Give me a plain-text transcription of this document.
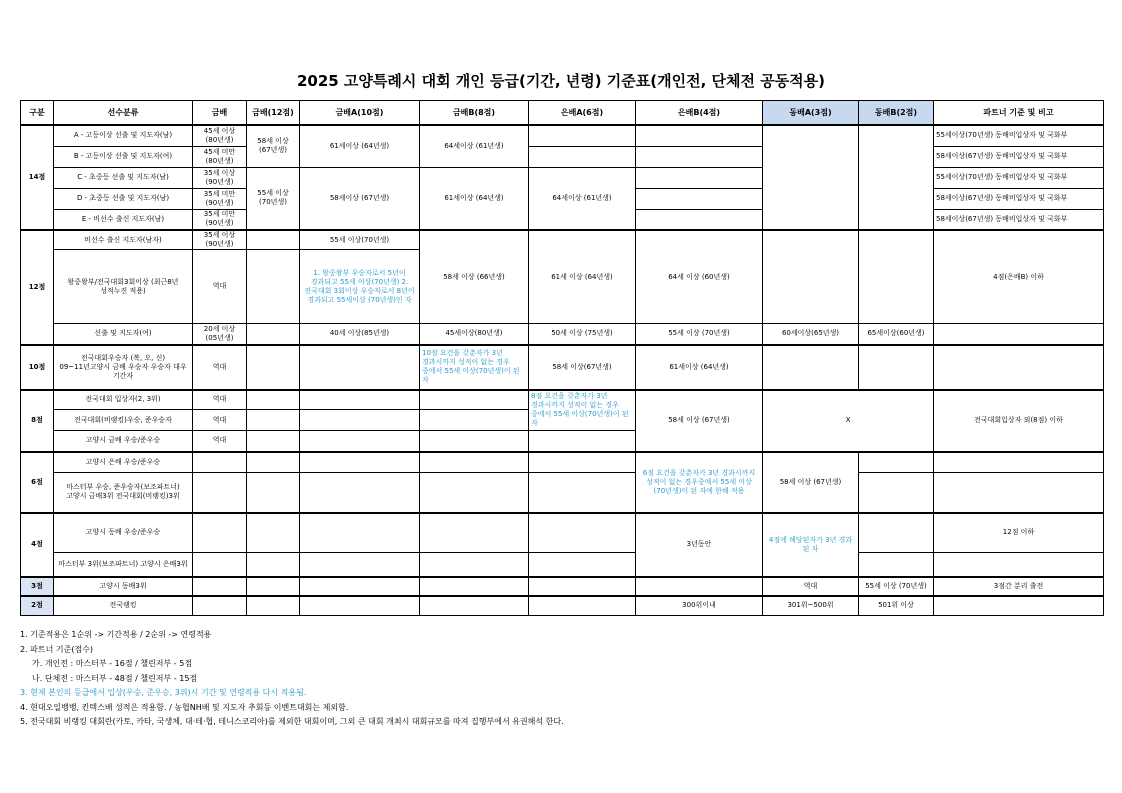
2025 고양특례시 대회 개인 등급(기간, 년령) 기준표(개인전, 단체전 공동적용)
구분	선수분류	금배	금배(12점)	금배A(10점)	금배B(8점)	은배A(6점)	은배B(4점)	동배A(3점)	동배B(2점)	파트너 기준 및 비고
14점	A - 고등이상 선출 및 지도자(남)	45세 이상 (80년생)	58세 이상 (67년생)	61세이상 (64년생)	64세이상 (61년생)					55세이상(70년생) 동배비입상자 및 국화부
	B - 고등이상 선출 및 지도자(여)	45세 미만 (80년생)								58세이상(67년생) 동배비입상자 및 국화부
	C - 초중등 선출 및 지도자(남)	35세 이상 (90년생)	55세 이상 (70년생)	58세이상 (67년생)	61세이상 (64년생)	64세이상 (61년생)				55세이상(70년생) 동배비입상자 및 국화부
	D - 초중등 선출 및 지도자(남)	35세 미만 (90년생)								58세이상(67년생) 동배비입상자 및 국화부
	E - 비선수 출신 지도자(남)	35세 미만 (90년생)								58세이상(67년생) 동배비입상자 및 국화부
12점	비선수 출신 지도자(남자)	35세 이상 (90년생)		55세 이상(70년생)	58세 이상 (66년생)	61세 이상 (64년생)	64세 이상 (60년생)			4점(은배B) 이하
	왕중왕부/전국대회3회이상 (최근8년 성적누진 적용)	역대		1. 왕중왕부 우승자로서 5년이 경과되고 55세 이상(70년생) 2. 전국대회 3회이상 우승자로서 8년이 경과되고 55세이상 (70년생)인 자						
	선출 및 지도자(여)	20세 이상 (05년생)		40세 이상(85년생)	45세이상(80년생)	50세 이상 (75년생)	55세 이상 (70년생)	60세이상(65년생)	65세이상(60년생)	
10점	전국대회우승자 (복, 오, 신) 09~11년고양시 금배 우승자 우승자 대우 기간자	역대			10점 요건을 갖춘자가 3년 경과시까지 성적이 없는 경우 중에서 55세 이상(70년생)이 된 자	58세 이상(67년생)	61세이상 (64년생)			
8점	전국대회 입상자(2, 3위)	역대				8점 요건을 갖춘자가 3년 경과시까지 성적이 없는 경우 중에서 55세 이상(70년생)이 된 자	58세 이상 (67년생)	X		전국대회입상자 외(8점) 이하
	전국대회(비랭킹)우승, 준우승자	역대								
	고양시 금배 우승/준우승	역대								
6점	고양시 은배 우승/준우승						6점 요건을 갖춘자가 3년 경과시까지 성적이 없는 경우중에서 55세 이상(70년생)이 된 자에 한해 적용	58세 이상 (67년생)		
	마스터부 우승, 준우승자(보조파트너) 고양시 금배3위 전국대회(비랭킹)3위									
4점	고양시 동배 우승/준우승						3년동안	4점에 해당된자가 3년 경과 된 자		12점 이하
	마스터부 3위(보조파트너) 고양시 은배3위									
3점	고양시 동배3위							역대	55세 이상 (70년생)	3점간 분리 출전
2점	전국랭킹						300위이내	301위~500위	501위 이상	
1. 기준적용은 1순위 -> 기간적용 / 2순위 -> 연령적용
2. 파트너 기준(점수)
가. 개인전 : 마스터부 - 16점 / 챌린저부 - 5점
나. 단체전 : 마스터부 - 48점 / 챌린저부 - 15점
3. 현재 본인의 등급에서 입상(우승, 준우승, 3위)시 기간 및 연령적용 다시 적용됨.
4. 현대오일뱅뱅, 킨텍스배 성적은 적용함. / 농협NH배 및 지도자 추회등 이벤트대회는 제외함.
5. 전국대회 비랭킹 대회란(카토, 카타, 국생체, 대·테·협, 테니스코리아)를 제외한 대회이며, 그외 큰 대회 개최시 대회규모를 따져 집행부에서 유권해석 한다.
